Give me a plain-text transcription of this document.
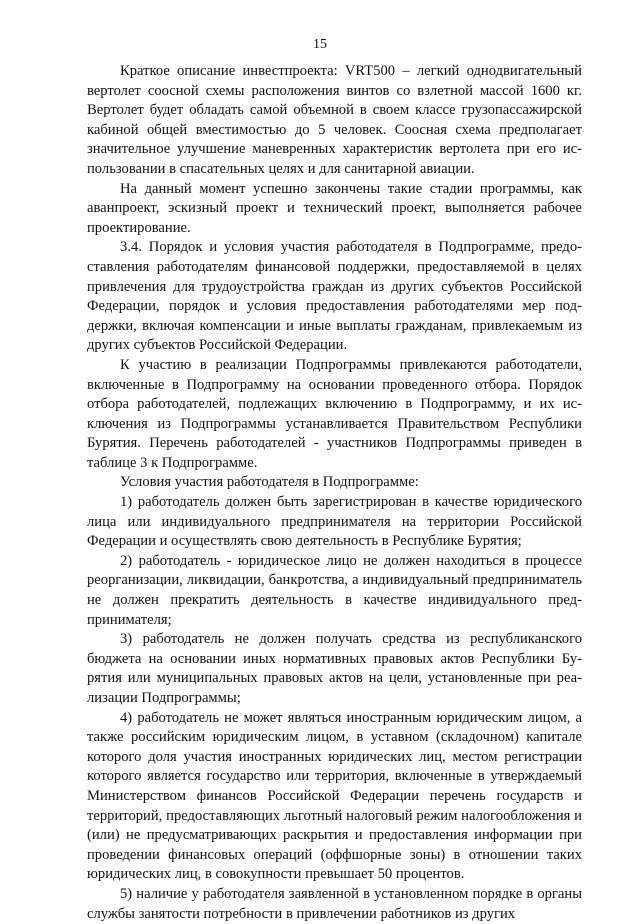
15

Краткое описание инвестпроекта: VRT500 – легкий однодвигательный вертолет соосной схемы расположения винтов со взлетной массой 1600 кг. Вертолет будет обладать самой объемной в своем классе грузопассажирской кабиной общей вместимостью до 5 человек. Соосная схема предполагает значительное улучшение маневренных характеристик вертолета при его использовании в спасательных целях и для санитарной авиации.

На данный момент успешно закончены такие стадии программы, как аванпроект, эскизный проект и технический проект, выполняется рабочее проектирование.

3.4. Порядок и условия участия работодателя в Подпрограмме, предоставления работодателям финансовой поддержки, предоставляемой в целях привлечения для трудоустройства граждан из других субъектов Российской Федерации, порядок и условия предоставления работодателями мер поддержки, включая компенсации и иные выплаты гражданам, привлекаемым из других субъектов Российской Федерации.

К участию в реализации Подпрограммы привлекаются работодатели, включенные в Подпрограмму на основании проведенного отбора. Порядок отбора работодателей, подлежащих включению в Подпрограмму, и их исключения из Подпрограммы устанавливается Правительством Республики Бурятия. Перечень работодателей - участников Подпрограммы приведен в таблице 3 к Подпрограмме.

Условия участия работодателя в Подпрограмме:

1) работодатель должен быть зарегистрирован в качестве юридического лица или индивидуального предпринимателя на территории Российской Федерации и осуществлять свою деятельность в Республике Бурятия;

2) работодатель - юридическое лицо не должен находиться в процессе реорганизации, ликвидации, банкротства, а индивидуальный предприниматель не должен прекратить деятельность в качестве индивидуального предпринимателя;

3) работодатель не должен получать средства из республиканского бюджета на основании иных нормативных правовых актов Республики Бурятия или муниципальных правовых актов на цели, установленные при реализации Подпрограммы;

4) работодатель не может являться иностранным юридическим лицом, а также российским юридическим лицом, в уставном (складочном) капитале которого доля участия иностранных юридических лиц, местом регистрации которого является государство или территория, включенные в утверждаемый Министерством финансов Российской Федерации перечень государств и территорий, предоставляющих льготный налоговый режим налогообложения и (или) не предусматривающих раскрытия и предоставления информации при проведении финансовых операций (оффшорные зоны) в отношении таких юридических лиц, в совокупности превышает 50 процентов.

5) наличие у работодателя заявленной в установленном порядке в органы службы занятости потребности в привлечении работников из других
